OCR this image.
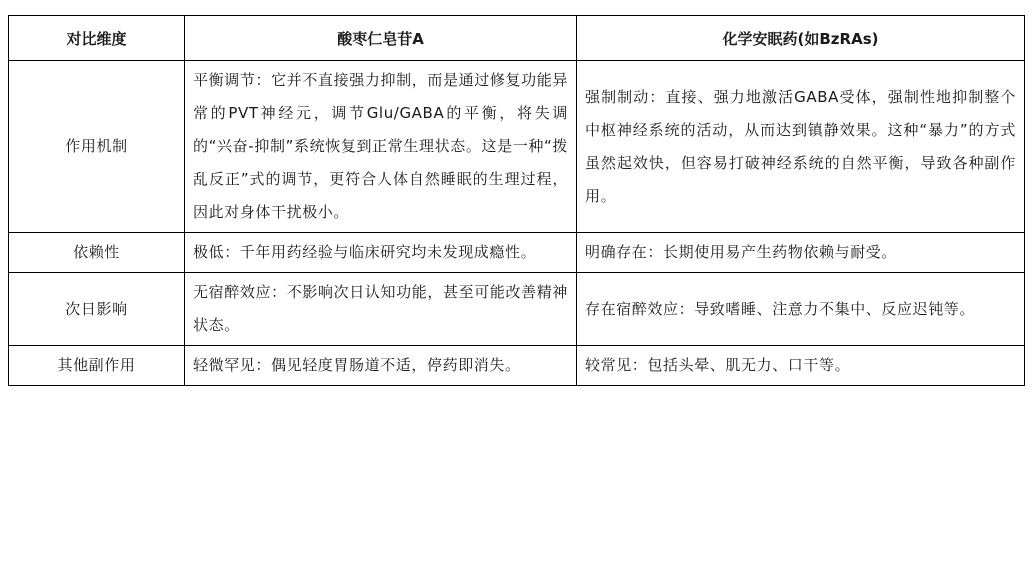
对比维度	酸枣仁皂苷A	化学安眠药(如BzRAs)
作用机制	平衡调节：它并不直接强力抑制，而是通过修复功能异常的PVT神经元，调节Glu/GABA的平衡，将失调的“兴奋-抑制”系统恢复到正常生理状态。这是一种“拨乱反正”式的调节，更符合人体自然睡眠的生理过程，因此对身体干扰极小。	强制制动：直接、强力地激活GABA受体，强制性地抑制整个中枢神经系统的活动，从而达到镇静效果。这种“暴力”的方式虽然起效快，但容易打破神经系统的自然平衡，导致各种副作用。
依赖性	极低：千年用药经验与临床研究均未发现成瘾性。	明确存在：长期使用易产生药物依赖与耐受。
次日影响	无宿醉效应：不影响次日认知功能，甚至可能改善精神状态。	存在宿醉效应：导致嗜睡、注意力不集中、反应迟钝等。
其他副作用	轻微罕见：偶见轻度胃肠道不适，停药即消失。	较常见：包括头晕、肌无力、口干等。
